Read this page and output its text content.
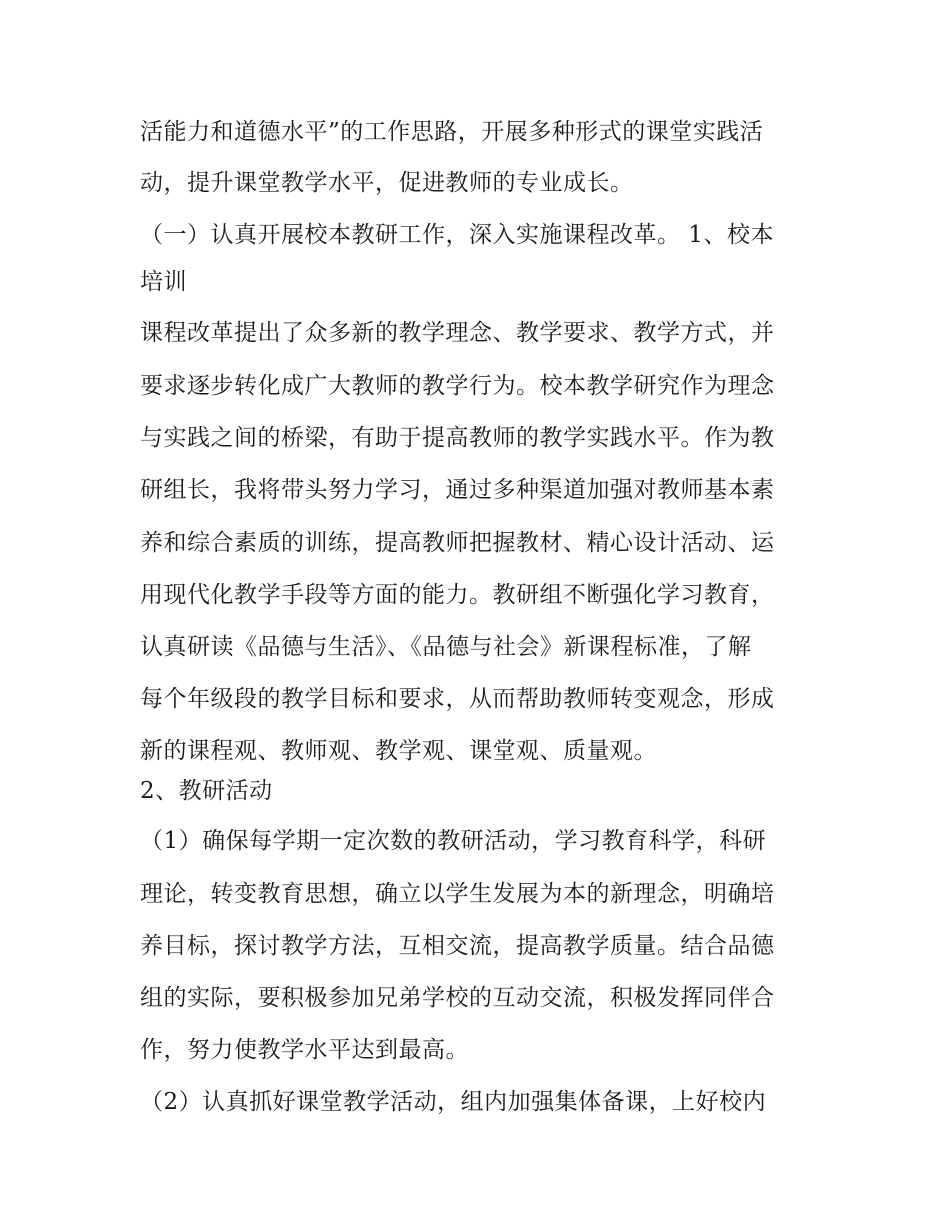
活能力和道德水平”的工作思路，开展多种形式的课堂实践活
动，提升课堂教学水平，促进教师的专业成长。
（一）认真开展校本教研工作，深入实施课程改革。 1、校本
培训
课程改革提出了众多新的教学理念、教学要求、教学方式，并
要求逐步转化成广大教师的教学行为。校本教学研究作为理念
与实践之间的桥梁，有助于提高教师的教学实践水平。作为教
研组长，我将带头努力学习，通过多种渠道加强对教师基本素
养和综合素质的训练，提高教师把握教材、精心设计活动、运
用现代化教学手段等方面的能力。教研组不断强化学习教育，
认真研读《品德与生活》、《品德与社会》新课程标准，了解
每个年级段的教学目标和要求，从而帮助教师转变观念，形成
新的课程观、教师观、教学观、课堂观、质量观。
2、教研活动
（1）确保每学期一定次数的教研活动，学习教育科学，科研
理论，转变教育思想，确立以学生发展为本的新理念，明确培
养目标，探讨教学方法，互相交流，提高教学质量。结合品德
组的实际，要积极参加兄弟学校的互动交流，积极发挥同伴合
作，努力使教学水平达到最高。
（2）认真抓好课堂教学活动，组内加强集体备课，上好校内
